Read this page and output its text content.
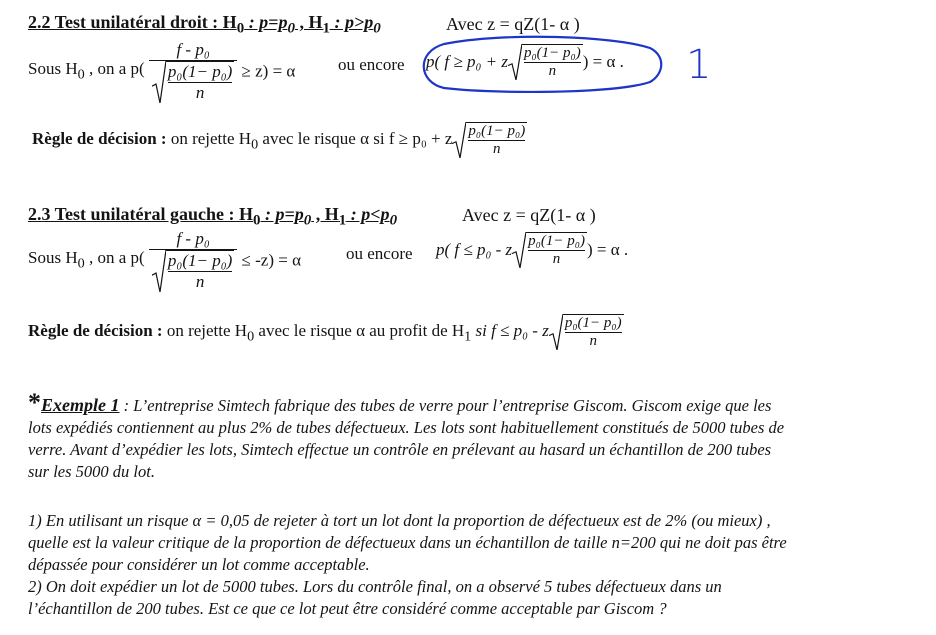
2.2 Test unilatéral droit : $H_0$ : $p=p_0$ , $H_1$ : $p>p_0$	Avec z = qZ(1- α )
Sous $H_0$ , on a $p( \frac{\text{f - p₀}}{\frac{\text{p₀(1− p₀)}}{n}} \ge z) = \alpha$	ou encore p( f ≥ p₀ + z $\frac{\text{p₀(1− p₀)}}{n}$ ) = α . 1
Règle de décision : on rejette $H_0$ avec le risque α si f ≥ p₀ + z $\frac{\text{p₀(1− p₀)}}{n}$
2.3 Test unilatéral gauche : $H_0$ : $p=p_0$ , $H_1$ : $p<p_0$	Avec z = qZ(1- α )
Sous $H_0$ , on a $p( \frac{\text{f - p₀}}{\frac{\text{p₀(1− p₀)}}{n}} \le -z) = \alpha$	ou encore p( f ≤ p₀ - z $\frac{\text{p₀(1− p₀)}}{n}$ ) = α .
Règle de décision : on rejette $H_0$ avec le risque α au profit de $H_1$ si f ≤ p₀ - z $\frac{\text{p₀(1− p₀)}}{n}$
*Exemple 1 : L’entreprise Simtech fabrique des tubes de verre pour l’entreprise Giscom. Giscom exige que les
lots expédiés contiennent au plus 2% de tubes défectueux. Les lots sont habituellement constitués de 5000 tubes de
verre. Avant d’expédier les lots, Simtech effectue un contrôle en prélevant au hasard un échantillon de 200 tubes
sur les 5000 du lot.
1) En utilisant un risque α = 0,05 de rejeter à tort un lot dont la proportion de défectueux est de 2% (ou mieux) ,
quelle est la valeur critique de la proportion de défectueux dans un échantillon de taille n=200 qui ne doit pas être
dépassée pour considérer un lot comme acceptable.
2) On doit expédier un lot de 5000 tubes. Lors du contrôle final, on a observé 5 tubes défectueux dans un
l’échantillon de 200 tubes. Est ce que ce lot peut être considéré comme acceptable par Giscom ?
